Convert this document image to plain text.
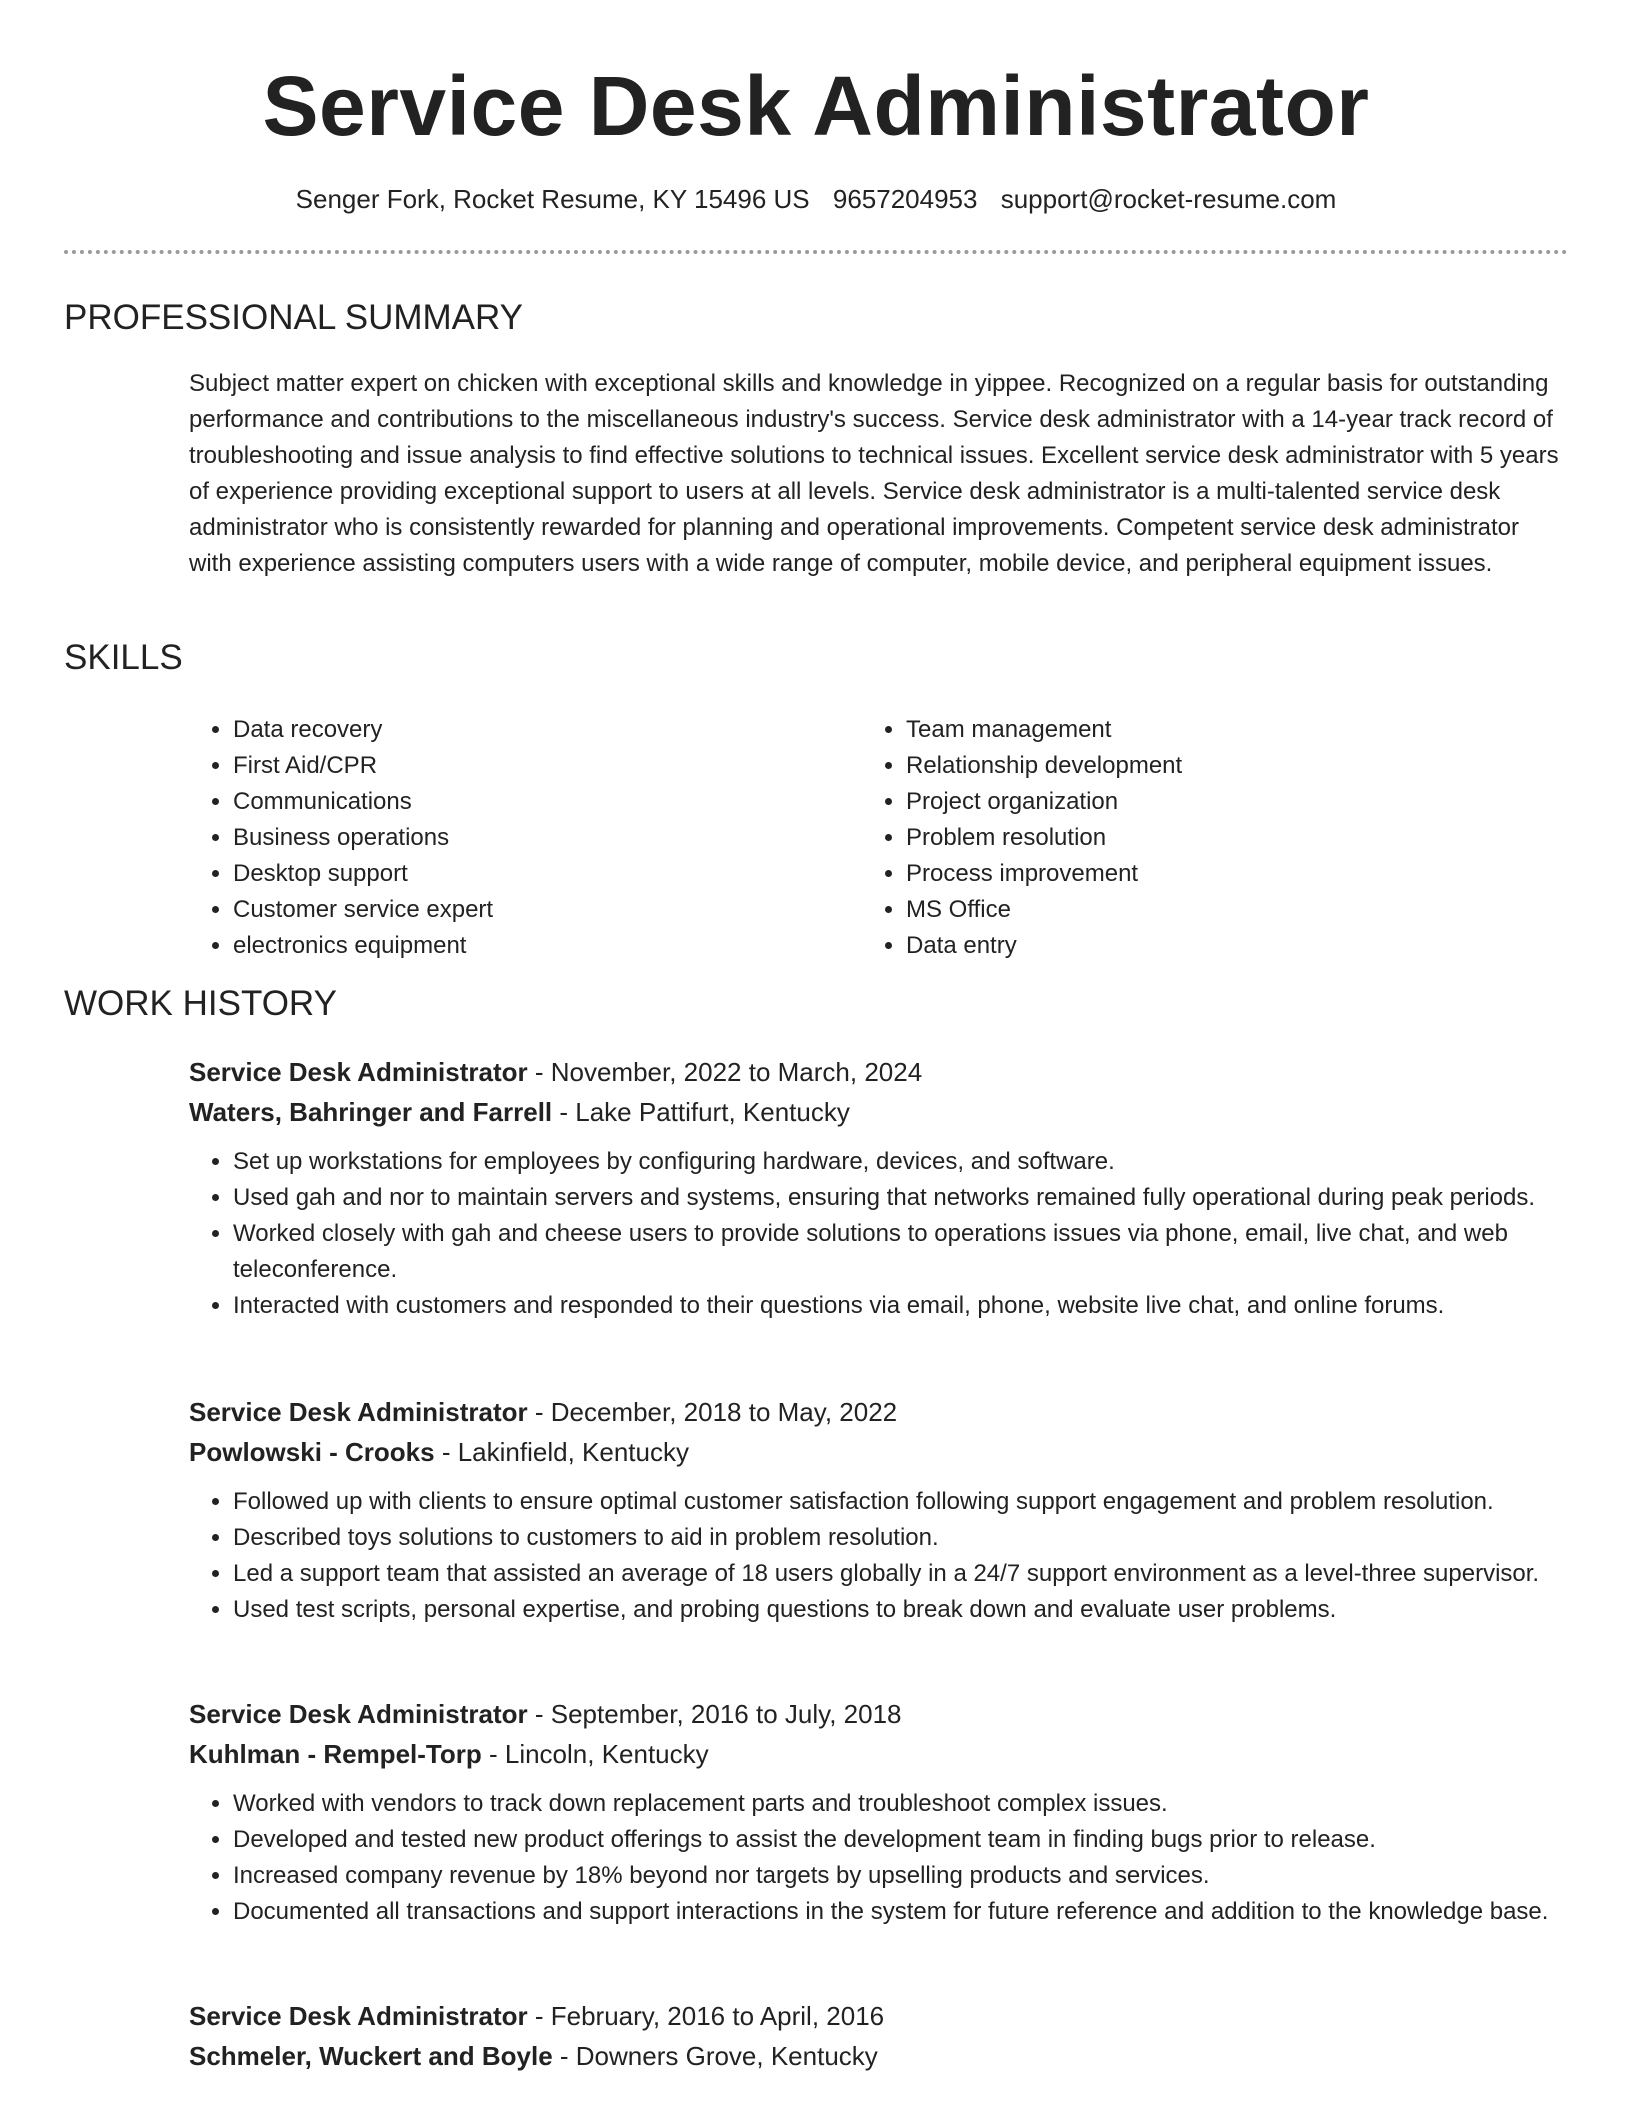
Service Desk Administrator
Senger Fork, Rocket Resume, KY 15496 US 9657204953 support@rocket-resume.com
PROFESSIONAL SUMMARY

Subject matter expert on chicken with exceptional skills and knowledge in yippee. Recognized on a regular basis for outstanding performance and contributions to the miscellaneous industry's success. Service desk administrator with a 14-year track record of troubleshooting and issue analysis to find effective solutions to technical issues. Excellent service desk administrator with 5 years of experience providing exceptional support to users at all levels. Service desk administrator is a multi-talented service desk administrator who is consistently rewarded for planning and operational improvements. Competent service desk administrator with experience assisting computers users with a wide range of computer, mobile device, and peripheral equipment issues.

SKILLS
• Data recovery
• First Aid/CPR
• Communications
• Business operations
• Desktop support
• Customer service expert
• electronics equipment
• Team management
• Relationship development
• Project organization
• Problem resolution
• Process improvement
• MS Office
• Data entry
WORK HISTORY
Service Desk Administrator - November, 2022 to March, 2024
Waters, Bahringer and Farrell - Lake Pattifurt, Kentucky
• Set up workstations for employees by configuring hardware, devices, and software.
• Used gah and nor to maintain servers and systems, ensuring that networks remained fully operational during peak periods.
• Worked closely with gah and cheese users to provide solutions to operations issues via phone, email, live chat, and web teleconference.
• Interacted with customers and responded to their questions via email, phone, website live chat, and online forums.
Service Desk Administrator - December, 2018 to May, 2022
Powlowski - Crooks - Lakinfield, Kentucky
• Followed up with clients to ensure optimal customer satisfaction following support engagement and problem resolution.
• Described toys solutions to customers to aid in problem resolution.
• Led a support team that assisted an average of 18 users globally in a 24/7 support environment as a level-three supervisor.
• Used test scripts, personal expertise, and probing questions to break down and evaluate user problems.
Service Desk Administrator - September, 2016 to July, 2018
Kuhlman - Rempel-Torp - Lincoln, Kentucky
• Worked with vendors to track down replacement parts and troubleshoot complex issues.
• Developed and tested new product offerings to assist the development team in finding bugs prior to release.
• Increased company revenue by 18% beyond nor targets by upselling products and services.
• Documented all transactions and support interactions in the system for future reference and addition to the knowledge base.
Service Desk Administrator - February, 2016 to April, 2016
Schmeler, Wuckert and Boyle - Downers Grove, Kentucky
